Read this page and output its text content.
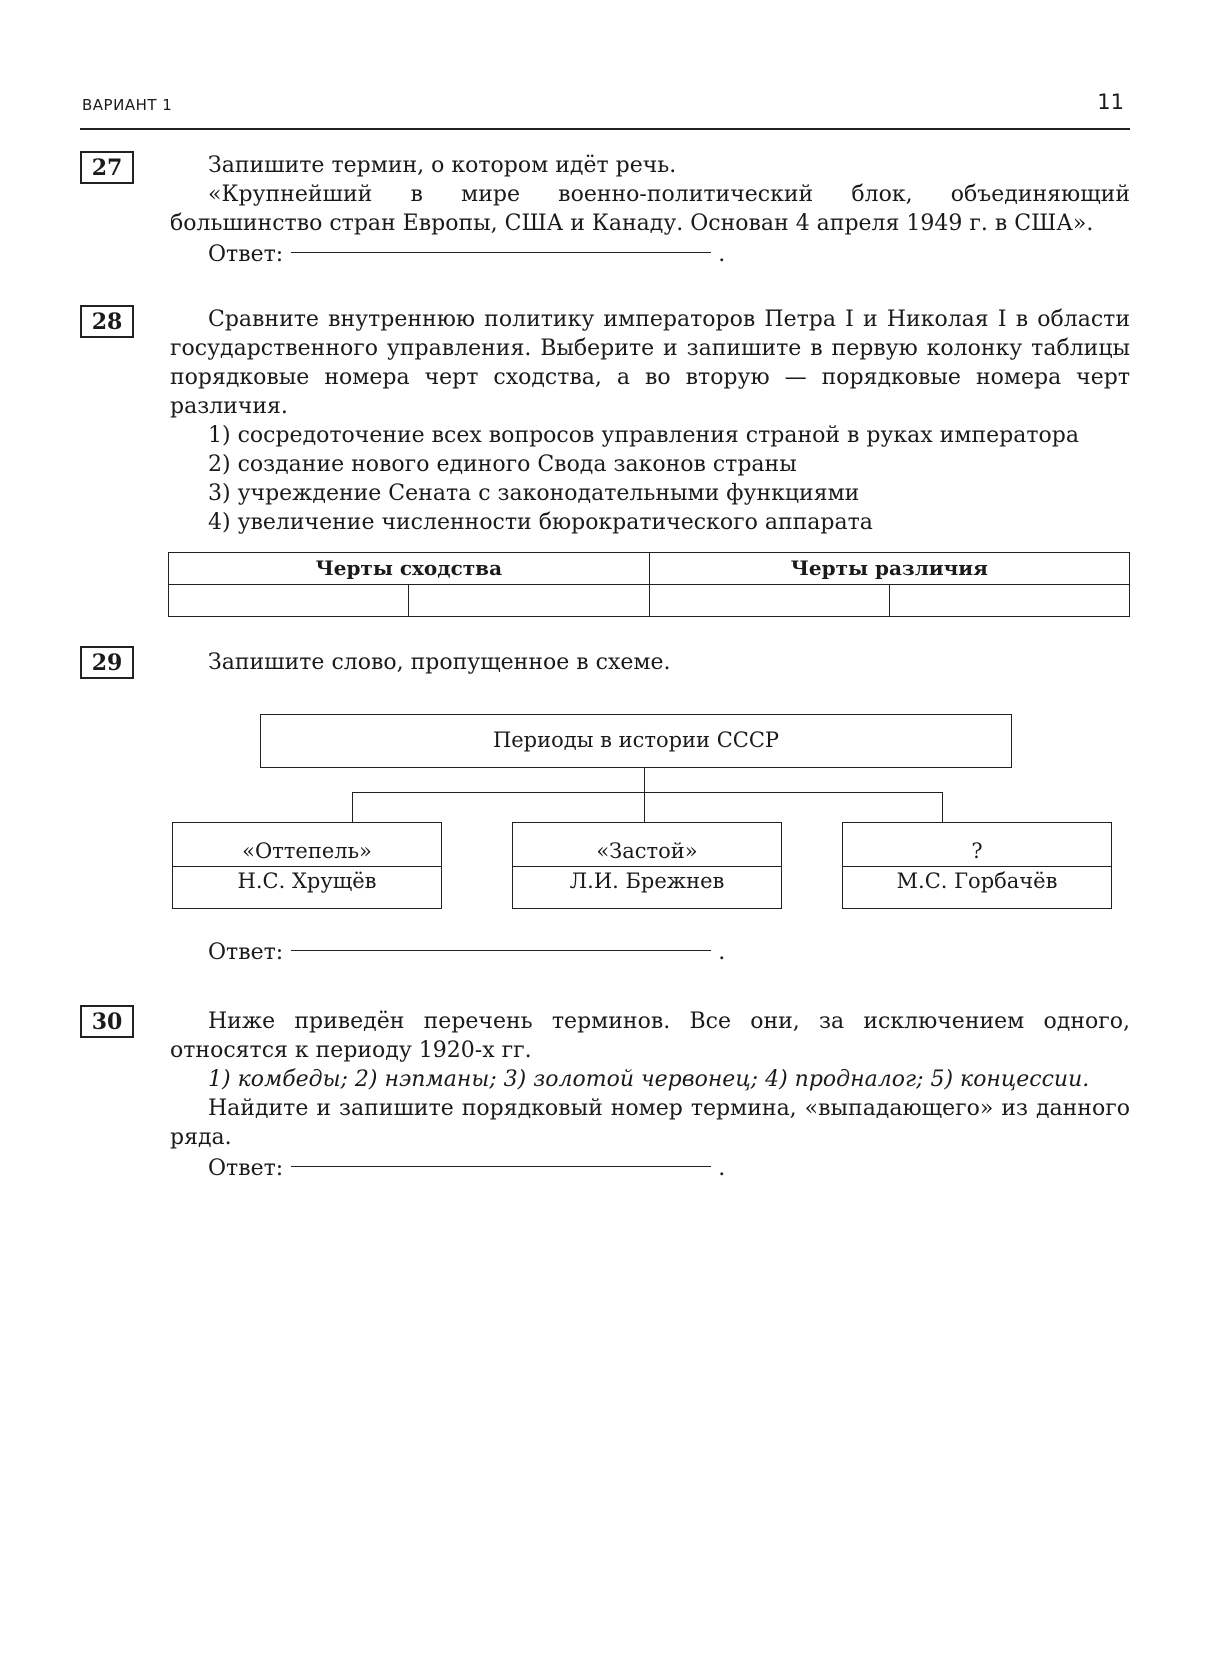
ВАРИАНТ 1	11
27	Запишите термин, о котором идёт речь.

«Крупнейший в мире военно-политический блок, объединяющий большинство стран Европы, США и Канаду. Основан 4 апреля 1949 г. в США».

Ответ:	.
28	Сравните внутреннюю политику императоров Петра I и Николая I в области государственного управления. Выберите и запишите в первую колонку таблицы порядковые номера черт сходства, а во вторую — порядковые номера черт различия.

1) сосредоточение всех вопросов управления страной в руках императора
2) создание нового единого Свода законов страны
3) учреждение Сената с законодательными функциями
4) увеличение численности бюрократического аппарата
Черты сходства		Черты различия	

29	Запишите слово, пропущенное в схеме.

Периоды в истории СССР
«Оттепель»
Н.С. Хрущёв
«Застой»
Л.И. Брежнев
?
М.С. Горбачёв
Ответ:	.
30	Ниже приведён перечень терминов. Все они, за исключением одного, относятся к периоду 1920-х гг.

1) комбеды; 2) нэпманы; 3) золотой червонец; 4) продналог; 5) концессии.

Найдите и запишите порядковый номер термина, «выпадающего» из данного ряда.

Ответ:	.
